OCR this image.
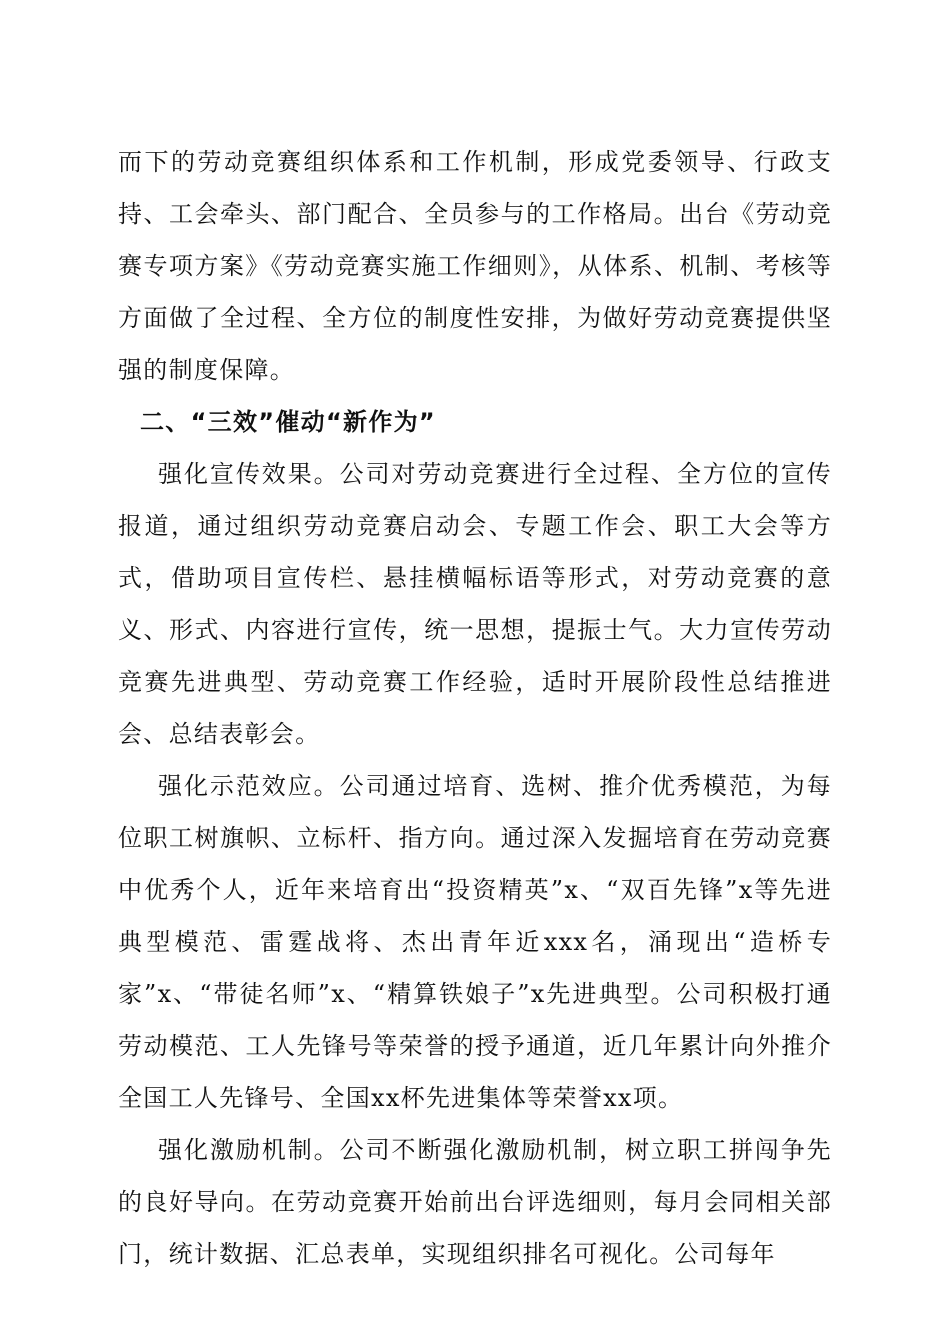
而下的劳动竞赛组织体系和工作机制，形成党委领导、行政支持、工会牵头、部门配合、全员参与的工作格局。出台《劳动竞赛专项方案》《劳动竞赛实施工作细则》，从体系、机制、考核等方面做了全过程、全方位的制度性安排，为做好劳动竞赛提供坚强的制度保障。

二、“三效”催动“新作为”

强化宣传效果。公司对劳动竞赛进行全过程、全方位的宣传报道，通过组织劳动竞赛启动会、专题工作会、职工大会等方式，借助项目宣传栏、悬挂横幅标语等形式，对劳动竞赛的意义、形式、内容进行宣传，统一思想，提振士气。大力宣传劳动竞赛先进典型、劳动竞赛工作经验，适时开展阶段性总结推进会、总结表彰会。

强化示范效应。公司通过培育、选树、推介优秀模范，为每位职工树旗帜、立标杆、指方向。通过深入发掘培育在劳动竞赛中优秀个人，近年来培育出“投资精英”x、“双百先锋”x等先进典型模范、雷霆战将、杰出青年近xxx名，涌现出“造桥专家”x、“带徒名师”x、“精算铁娘子”x先进典型。公司积极打通劳动模范、工人先锋号等荣誉的授予通道，近几年累计向外推介全国工人先锋号、全国xx杯先进集体等荣誉xx项。

强化激励机制。公司不断强化激励机制，树立职工拼闯争先的良好导向。在劳动竞赛开始前出台评选细则，每月会同相关部门，统计数据、汇总表单，实现组织排名可视化。公司每年
